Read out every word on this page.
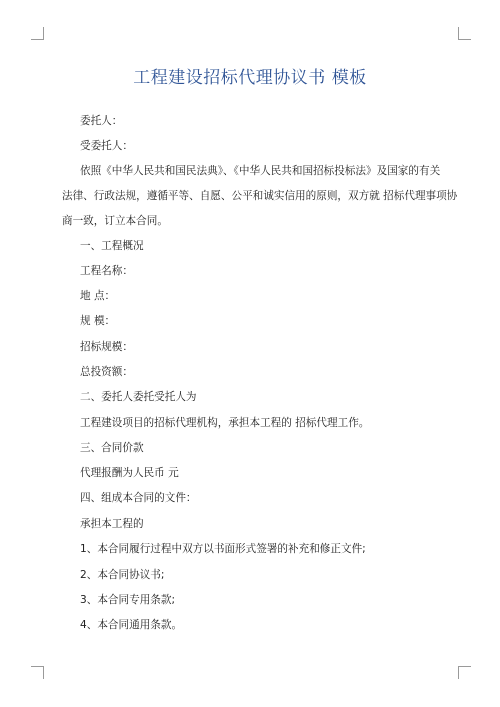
工程建设招标代理协议书 模板
委托人：
受委托人：
依照《中华人民共和国民法典》、《中华人民共和国招标投标法》及国家的有关
法律、行政法规，遵循平等、自愿、公平和诚实信用的原则，双方就 招标代理事项协
商一致，订立本合同。
一、工程概况
工程名称：
地 点：
规 模：
招标规模：
总投资额：
二、委托人委托受托人为
工程建设项目的招标代理机构，承担本工程的 招标代理工作。
三、合同价款
代理报酬为人民币 元
四、组成本合同的文件：
承担本工程的
1、本合同履行过程中双方以书面形式签署的补充和修正文件;
2、本合同协议书;
3、本合同专用条款;
4、本合同通用条款。
